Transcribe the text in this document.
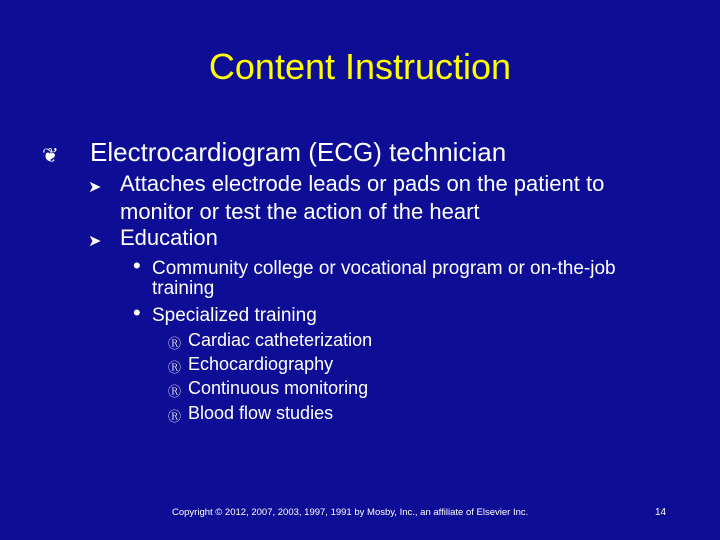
Content Instruction
❦ Electrocardiogram (ECG) technician
➤ Attaches electrode leads or pads on the patient to monitor or test the action of the heart
➤ Education
• Community college or vocational program or on-the-job training
• Specialized training
Ⓡ Cardiac catheterization
Ⓡ Echocardiography
Ⓡ Continuous monitoring
Ⓡ Blood flow studies
Copyright © 2012, 2007, 2003, 1997, 1991 by Mosby, Inc., an affiliate of Elsevier Inc.	14
